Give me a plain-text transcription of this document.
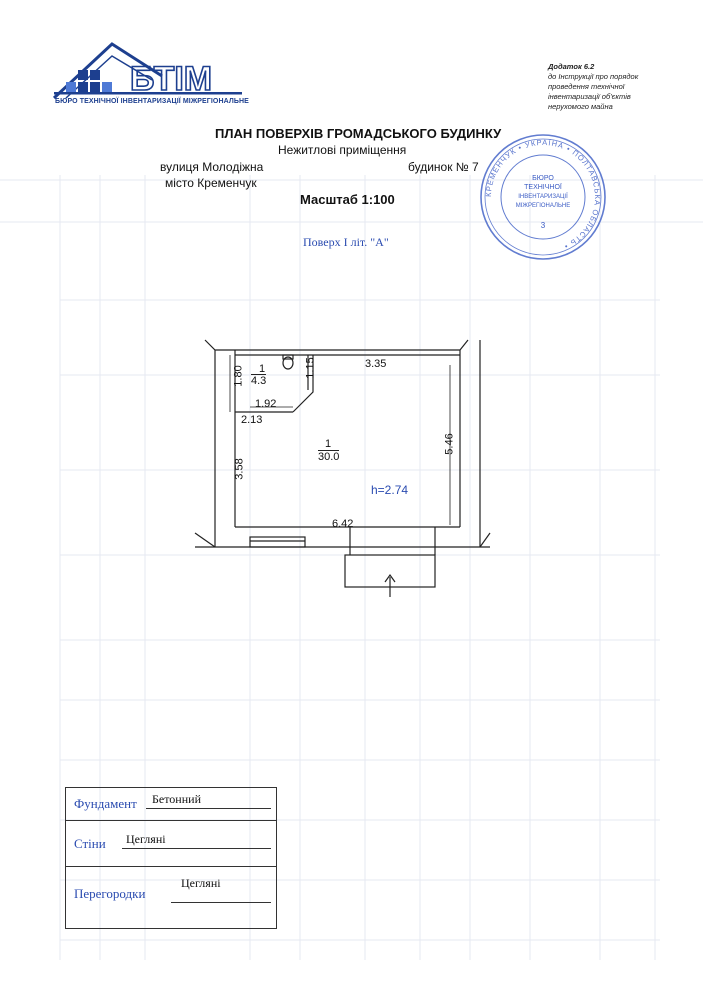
БТІМ
БЮРО ТЕХНІЧНОЇ ІНВЕНТАРИЗАЦІЇ МІЖРЕГІОНАЛЬНЕ
Додаток 6.2
до Інструкції про порядок
проведення технічної
інвентаризації об'єктів
нерухомого майна
ПЛАН ПОВЕРХІВ ГРОМАДСЬКОГО БУДИНКУ
Нежитлові приміщення
вулиця Молодіжна	будинок № 7
місто Кременчук
Масштаб 1:100
Поверх І літ. "А"
КРЕМЕНЧУК • УКРАЇНА • ПОЛТАВСЬКА ОБЛАСТЬ •
БЮРО
ТЕХНІЧНОЇ
ІНВЕНТАРИЗАЦІЇ
МІЖРЕГІОНАЛЬНЕ
3
1
4.3
1
30.0
1.80
1.92
1.15
2.13
3.35
3.58
5.46
6.42
h=2.74
Фундамент Бетонний
Стіни Цегляні
Перегородки
Цегляні
